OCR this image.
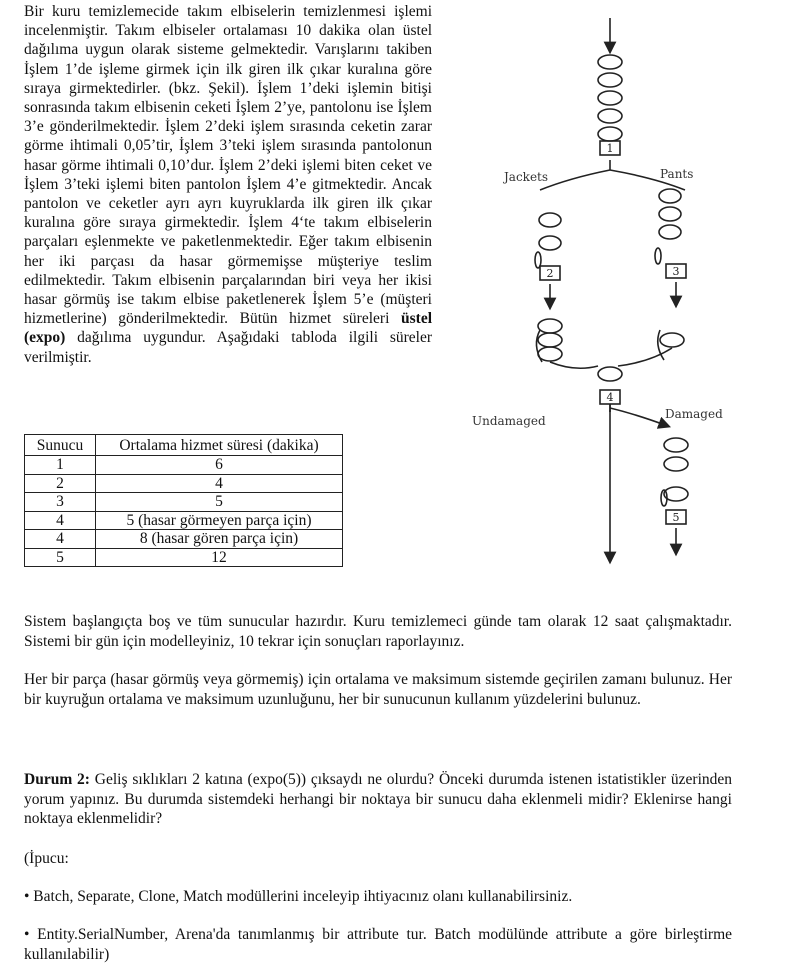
Bir kuru temizlemecide takım elbiselerin temizlenmesi işlemi incelenmiştir. Takım elbiseler ortalaması 10 dakika olan üstel dağılıma uygun olarak sisteme gelmektedir. Varışlarını takiben İşlem 1’de işleme girmek için ilk giren ilk çıkar kuralına göre sıraya girmektedirler. (bkz. Şekil). İşlem 1’deki işlemin bitişi sonrasında takım elbisenin ceketi İşlem 2’ye, pantolonu ise İşlem 3’e gönderilmektedir. İşlem 2’deki işlem sırasında ceketin zarar görme ihtimali 0,05’tir, İşlem 3’teki işlem sırasında pantolonun hasar görme ihtimali 0,10’dur. İşlem 2’deki işlemi biten ceket ve İşlem 3’teki işlemi biten pantolon İşlem 4’e gitmektedir. Ancak pantolon ve ceketler ayrı ayrı kuyruklarda ilk giren ilk çıkar kuralına göre sıraya girmektedir. İşlem 4‘te takım elbiselerin parçaları eşlenmekte ve paketlenmektedir. Eğer takım elbisenin her iki parçası da hasar görmemişse müşteriye teslim edilmektedir. Takım elbisenin parçalarından biri veya her ikisi hasar görmüş ise takım elbise paketlenerek İşlem 5’e (müşteri hizmetlerine) gönderilmektedir. Bütün hizmet süreleri üstel (expo) dağılıma uygundur. Aşağıdaki tabloda ilgili süreler verilmiştir.
Sunucu	Ortalama hizmet süresi (dakika)
1	6
2	4
3	5
4	5 (hasar görmeyen parça için)
4	8 (hasar gören parça için)
5	12
1
2	3
4
5
Jackets	Pants
Undamaged	Damaged
Sistem başlangıçta boş ve tüm sunucular hazırdır. Kuru temizlemeci günde tam olarak 12 saat çalışmaktadır. Sistemi bir gün için modelleyiniz, 10 tekrar için sonuçları raporlayınız.
Her bir parça (hasar görmüş veya görmemiş) için ortalama ve maksimum sistemde geçirilen zamanı bulunuz. Her bir kuyruğun ortalama ve maksimum uzunluğunu, her bir sunucunun kullanım yüzdelerini bulunuz.
Durum 2: Geliş sıklıkları 2 katına (expo(5)) çıksaydı ne olurdu? Önceki durumda istenen istatistikler üzerinden yorum yapınız. Bu durumda sistemdeki herhangi bir noktaya bir sunucu daha eklenmeli midir? Eklenirse hangi noktaya eklenmelidir?
(İpucu:
• Batch, Separate, Clone, Match modüllerini inceleyip ihtiyacınız olanı kullanabilirsiniz.
• Entity.SerialNumber, Arena'da tanımlanmış bir attribute tur. Batch modülünde attribute a göre birleştirme kullanılabilir)
